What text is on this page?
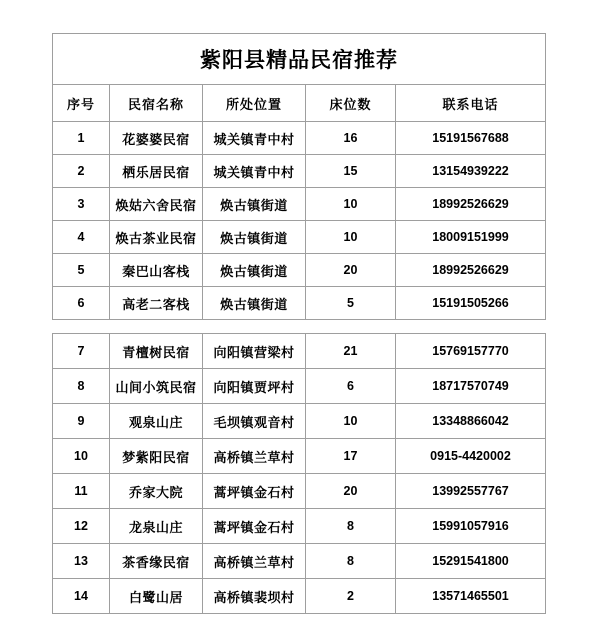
紫阳县精品民宿推荐				
序号	民宿名称	所处位置	床位数	联系电话
1	花婆婆民宿	城关镇青中村	16	15191567688
2	栖乐居民宿	城关镇青中村	15	13154939222
3	焕姑六舍民宿	焕古镇街道	10	18992526629
4	焕古茶业民宿	焕古镇街道	10	18009151999
5	秦巴山客栈	焕古镇街道	20	18992526629
6	高老二客栈	焕古镇街道	5	15191505266
7	青檀树民宿	向阳镇营梁村	21	15769157770
8	山间小筑民宿	向阳镇贾坪村	6	18717570749
9	观泉山庄	毛坝镇观音村	10	13348866042
10	梦紫阳民宿	高桥镇兰草村	17	0915-4420002
11	乔家大院	蒿坪镇金石村	20	13992557767
12	龙泉山庄	蒿坪镇金石村	8	15991057916
13	茶香缘民宿	高桥镇兰草村	8	15291541800
14	白鹭山居	高桥镇裴坝村	2	13571465501
